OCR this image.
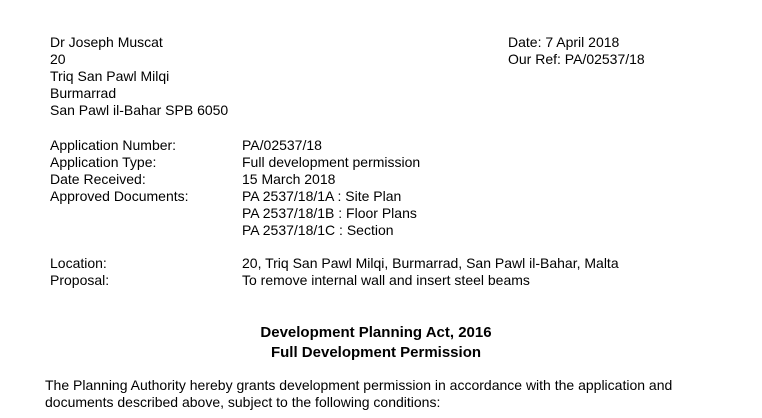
Dr Joseph Muscat
20
Triq San Pawl Milqi
Burmarrad
San Pawl il-Bahar SPB 6050
Date: 7 April 2018
Our Ref: PA/02537/18
Application Number:	PA/02537/18
Application Type:	Full development permission
Date Received:	15 March 2018
Approved Documents:	PA 2537/18/1A : Site Plan
PA 2537/18/1B : Floor Plans
PA 2537/18/1C : Section
Location:	20, Triq San Pawl Milqi, Burmarrad, San Pawl il-Bahar, Malta
Proposal:	To remove internal wall and insert steel beams
Development Planning Act, 2016
Full Development Permission
The Planning Authority hereby grants development permission in accordance with the application and
documents described above, subject to the following conditions:
